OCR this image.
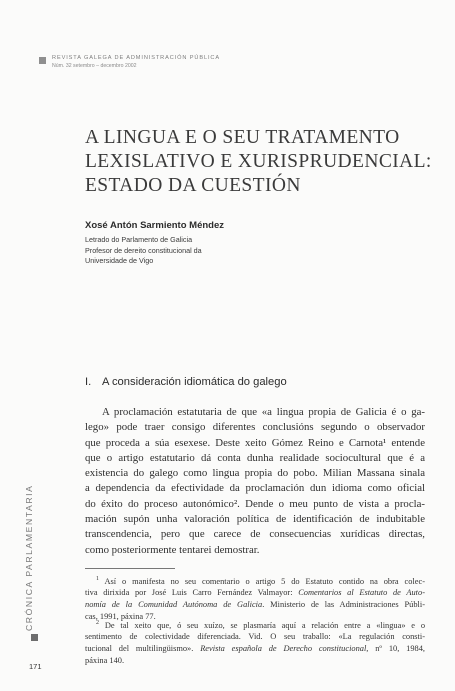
REVISTA GALEGA DE ADMINISTRACIÓN PÚBLICA
Núm. 32 setembro – decembro 2002
A LINGUA E O SEU TRATAMENTO
LEXISLATIVO E XURISPRUDENCIAL:
ESTADO DA CUESTIÓN
Xosé Antón Sarmiento Méndez
Letrado do Parlamento de Galicia
Profesor de dereito constitucional da
Universidade de Vigo
I. A consideración idiomática do galego
A proclamación estatutaria de que «a lingua propia de Galicia é o ga-
lego» pode traer consigo diferentes conclusións segundo o observador
que proceda a súa esexese. Deste xeito Gómez Reino e Carnota¹ entende
que o artigo estatutario dá conta dunha realidade sociocultural que é a
existencia do galego como lingua propia do pobo. Milian Massana sinala
a dependencia da efectividade da proclamación dun idioma como oficial
do éxito do proceso autonómico². Dende o meu punto de vista a procla-
mación supón unha valoración política de identificación de indubitable
transcendencia, pero que carece de consecuencias xurídicas directas,
como posteriormente tentarei demostrar.
$^1$ Así o manifesta no seu comentario o artigo 5 do Estatuto contido na obra colec-
tiva dirixida por José Luis Carro Fernández Valmayor: Comentarios al Estatuto de Auto-
nomía de la Comunidad Autónoma de Galicia. Ministerio de las Administraciones Públi-
cas, 1991, páxina 77.
$^2$ De tal xeito que, ó seu xuízo, se plasmaría aquí a relación entre a «lingua» e o
sentimento de colectividade diferenciada. Vid. O seu traballo: «La regulación consti-
tucional del multilingüismo». Revista española de Derecho constitucional, nº 10, 1984,
páxina 140.
CRÓNICA PARLAMENTARIA
171
